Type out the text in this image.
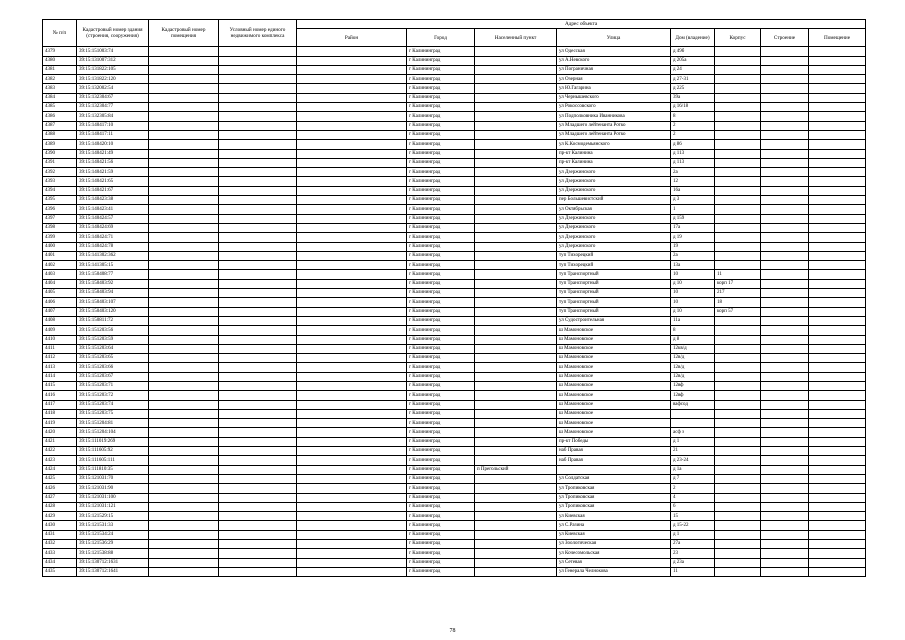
№ п/п	Кадастровый номер здания (строения, сооружения)	Кадастровый номер помещения	Условный номер единого недвижимого комплекса	Адрес объекта							
				Район	Город	Населенный пункт	Улица	Дом (владение)	Корпус	Строение	Помещение
4379	39:15:151003:74				г Калининград		ул Одесская	д 49б			
4380	39:15:131007:312				г Калининград		ул А.Невского	д 205а			
4381	39:15:131822:105				г Калининград		ул Пограничная	д 24			
4382	39:15:131822:120				г Калининград		ул Озерная	д 27-31			
4383	39:15:132002:54				г Калининград		ул Ю.Гагарина	д 225			
4384	39:15:132304:67				г Калининград		ул Чернышевского	39а			
4385	39:15:132304:77				г Калининград		ул Рокоссовского	д 16/18			
4386	39:15:132305:84				г Калининград		ул Подполковника Иванникова	8			
4387	39:15:140417:10				г Калининград		ул Младшего лейтенанта Ротко	2			
4388	39:15:140417:11				г Калининград		ул Младшего лейтенанта Ротко	2			
4389	39:15:140420:10				г Калининград		ул К.Космодемьянского	д 86			
4390	39:15:140421:49				г Калининград		пр-кт Калинина	д 113			
4391	39:15:140421:56				г Калининград		пр-кт Калинина	д 113			
4392	39:15:140421:59				г Калининград		ул Дзержинского	2а			
4393	39:15:140421:65				г Калининград		ул Дзержинского	12			
4394	39:15:140421:67				г Калининград		ул Дзержинского	16а			
4395	39:15:140423:38				г Калининград		пер Большевистский	д 3			
4396	39:15:140423:41				г Калининград		ул Октябрьская	1			
4397	39:15:140424:57				г Калининград		ул Дзержинского	д 159			
4398	39:15:140424:69				г Калининград		ул Дзержинского	17а			
4399	39:15:140424:71				г Калининград		ул Дзержинского	д 19			
4400	39:15:140424:78				г Калининград		ул Дзержинского	19			
4401	39:15:141302:362				г Калининград		туп Тихорецкий	2а			
4402	39:15:141305:15				г Калининград		туп Тихорецкий	13а			
4403	39:15:150408:77				г Калининград		туп Транспортный	10	11		
4404	39:15:150403:92				г Калининград		туп Транспортный	д 10	корп 17		
4405	39:15:150403:94				г Калининград		туп Транспортный	10	217		
4406	39:15:150403:107				г Калининград		туп Транспортный	10	18		
4407	39:15:150403:120				г Калининград		туп Транспортный	д 10	корп 57		
4408	39:15:150811:72				г Калининград		ул Судостроительная	11а			
4409	39:15:151203:56				г Калининград		ш Мамоновское	8			
4410	39:15:151203:59				г Калининград		ш Мамоновское	д 8			
4411	39:15:151203:64				г Калининград		ш Мамоновское	12кв/д			
4412	39:15:151203:65				г Калининград		ш Мамоновское	12в/д			
4413	39:15:151203:66				г Калининград		ш Мамоновское	12в/д			
4414	39:15:151203:67				г Калининград		ш Мамоновское	12в/д			
4415	39:15:151203:71				г Калининград		ш Мамоновское	12вф			
4416	39:15:151203:72				г Калининград		ш Мамоновское	12вф			
4417	39:15:151203:74				г Калининград		ш Мамоновское	вафсод			
4418	39:15:151203:75				г Калининград		ш Мамоновское				
4419	39:15:151204:81				г Калининград		ш Мамоновское				
4420	39:15:151204:104				г Калининград		ш Мамоновское	асф з			
4421	39:15:111019:269				г Калининград		пр-кт Победы	д 1			
4422	39:15:111605:92				г Калининград		наб Правая	21			
4423	39:15:111605:111				г Калининград		наб Правая	д 23-24			
4424	39:15:111810:35				г Калининград	п Прегольский		д 1а			
4425	39:15:121031:70				г Калининград		ул Солдатская	д 7			
4426	39:15:121031:90				г Калининград		ул Тропиковская	2			
4427	39:15:121031:100				г Калининград		ул Тропиковская	4			
4428	39:15:121031:121				г Калининград		ул Тропиковская	6			
4429	39:15:121529:15				г Калининград		ул Киевская	15			
4430	39:15:121531:33				г Калининград		ул С.Разина	д 15-22			
4431	39:15:121534:24				г Калининград		ул Киевская	д 1			
4432	39:15:121536:29				г Калининград		ул Зоологическая	27а			
4433	39:15:121538:88				г Калининград		ул Кочесомольская	23			
4434	39:15:130712:1631				г Калининград		ул Сетевая	д 23а			
4435	39:15:130712:1641				г Калининград		ул Генерала Челнокова	11			
78
